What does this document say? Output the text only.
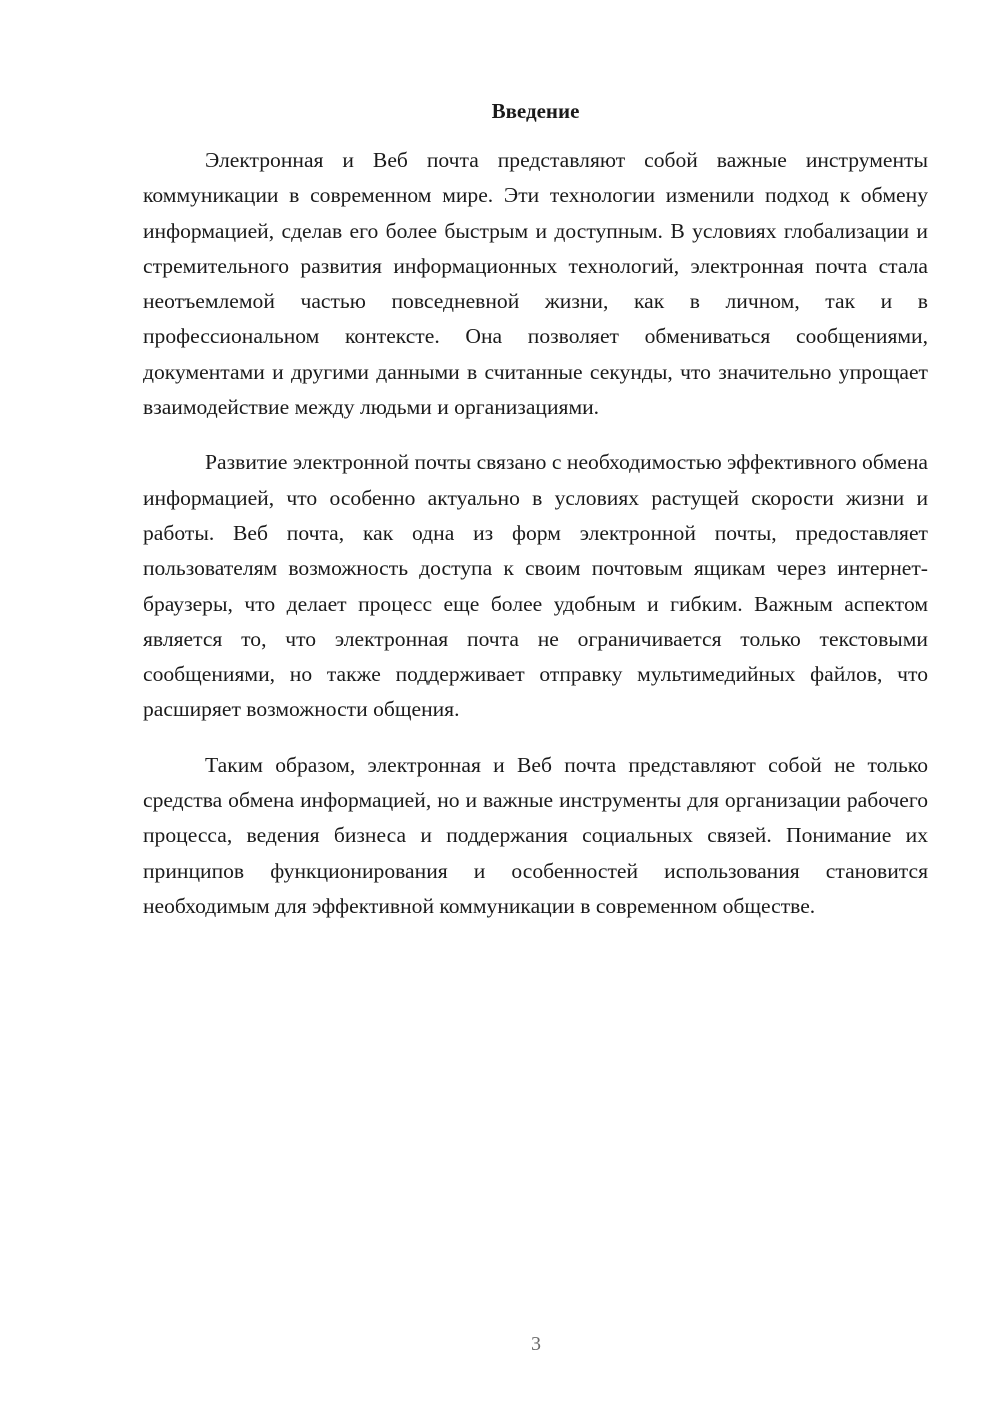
Введение

Электронная и Веб почта представляют собой важные инструменты коммуникации в современном мире. Эти технологии изменили подход к обмену информацией, сделав его более быстрым и доступным. В условиях глобализации и стремительного развития информационных технологий, электронная почта стала неотъемлемой частью повседневной жизни, как в личном, так и в профессиональном контексте. Она позволяет обмениваться сообщениями, документами и другими данными в считанные секунды, что значительно упрощает взаимодействие между людьми и организациями.

Развитие электронной почты связано с необходимостью эффективного обмена информацией, что особенно актуально в условиях растущей скорости жизни и работы. Веб почта, как одна из форм электронной почты, предоставляет пользователям возможность доступа к своим почтовым ящикам через интернет-браузеры, что делает процесс еще более удобным и гибким. Важным аспектом является то, что электронная почта не ограничивается только текстовыми сообщениями, но также поддерживает отправку мультимедийных файлов, что расширяет возможности общения.

Таким образом, электронная и Веб почта представляют собой не только средства обмена информацией, но и важные инструменты для организации рабочего процесса, ведения бизнеса и поддержания социальных связей. Понимание их принципов функционирования и особенностей использования становится необходимым для эффективной коммуникации в современном обществе.

3
